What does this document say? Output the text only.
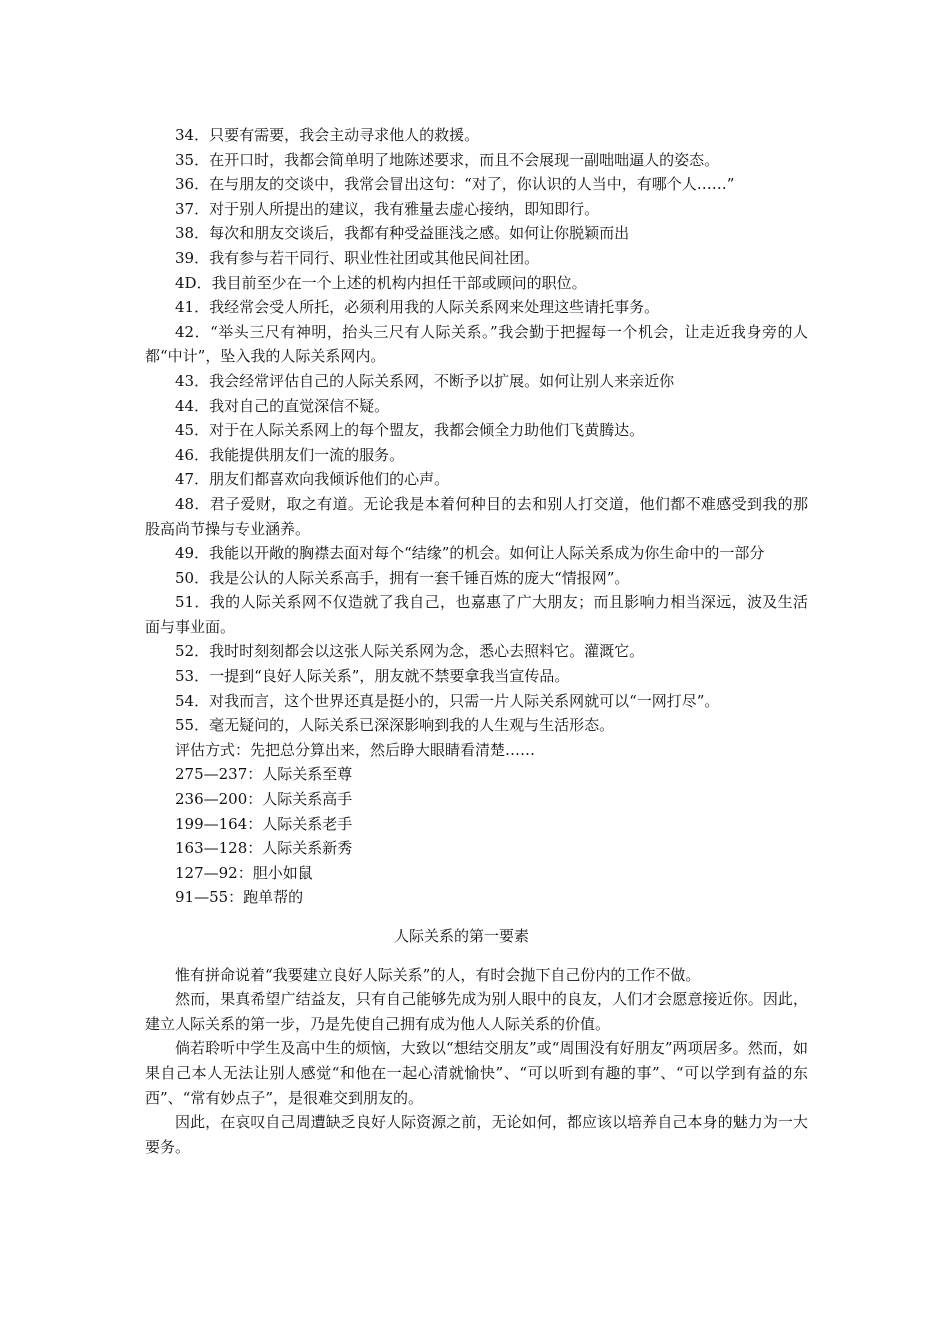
34．只要有需要，我会主动寻求他人的救援。

35．在开口时，我都会简单明了地陈述要求，而且不会展现一副咄咄逼人的姿态。

36．在与朋友的交谈中，我常会冒出这句：“对了，你认识的人当中，有哪个人……”

37．对于别人所提出的建议，我有雅量去虚心接纳，即知即行。

38．每次和朋友交谈后，我都有种受益匪浅之感。如何让你脱颖而出

39．我有参与若干同行、职业性社团或其他民间社团。

4D．我目前至少在一个上述的机构内担任干部或顾问的职位。

41．我经常会受人所托，必须利用我的人际关系网来处理这些请托事务。

42．“举头三尺有神明，抬头三尺有人际关系。”我会勤于把握每一个机会，让走近我身旁的人都“中计”，坠入我的人际关系网内。

43．我会经常评估自己的人际关系网，不断予以扩展。如何让别人来亲近你

44．我对自己的直觉深信不疑。

45．对于在人际关系网上的每个盟友，我都会倾全力助他们飞黄腾达。

46．我能提供朋友们一流的服务。

47．朋友们都喜欢向我倾诉他们的心声。

48．君子爱财，取之有道。无论我是本着何种目的去和别人打交道，他们都不难感受到我的那股高尚节操与专业涵养。

49．我能以开敞的胸襟去面对每个“结缘”的机会。如何让人际关系成为你生命中的一部分

50．我是公认的人际关系高手，拥有一套千锤百炼的庞大“情报网”。

51．我的人际关系网不仅造就了我自己，也嘉惠了广大朋友；而且影响力相当深远，波及生活面与事业面。

52．我时时刻刻都会以这张人际关系网为念，悉心去照料它。灌溉它。

53．一提到“良好人际关系”，朋友就不禁要拿我当宣传品。

54．对我而言，这个世界还真是挺小的，只需一片人际关系网就可以“一网打尽”。

55．毫无疑问的，人际关系已深深影响到我的人生观与生活形态。

评估方式：先把总分算出来，然后睁大眼睛看清楚……

275—237：人际关系至尊

236—200：人际关系高手

199—164：人际关系老手

163—128：人际关系新秀

127—92：胆小如鼠

91—55：跑单帮的

人际关系的第一要素

惟有拼命说着“我要建立良好人际关系”的人，有时会抛下自己份内的工作不做。

然而，果真希望广结益友，只有自己能够先成为别人眼中的良友，人们才会愿意接近你。因此，建立人际关系的第一步，乃是先使自己拥有成为他人人际关系的价值。

倘若聆听中学生及高中生的烦恼，大致以“想结交朋友”或“周围没有好朋友”两项居多。然而，如果自己本人无法让别人感觉“和他在一起心清就愉快”、“可以听到有趣的事”、“可以学到有益的东西”、“常有妙点子”，是很难交到朋友的。

因此，在哀叹自己周遭缺乏良好人际资源之前，无论如何，都应该以培养自己本身的魅力为一大要务。
